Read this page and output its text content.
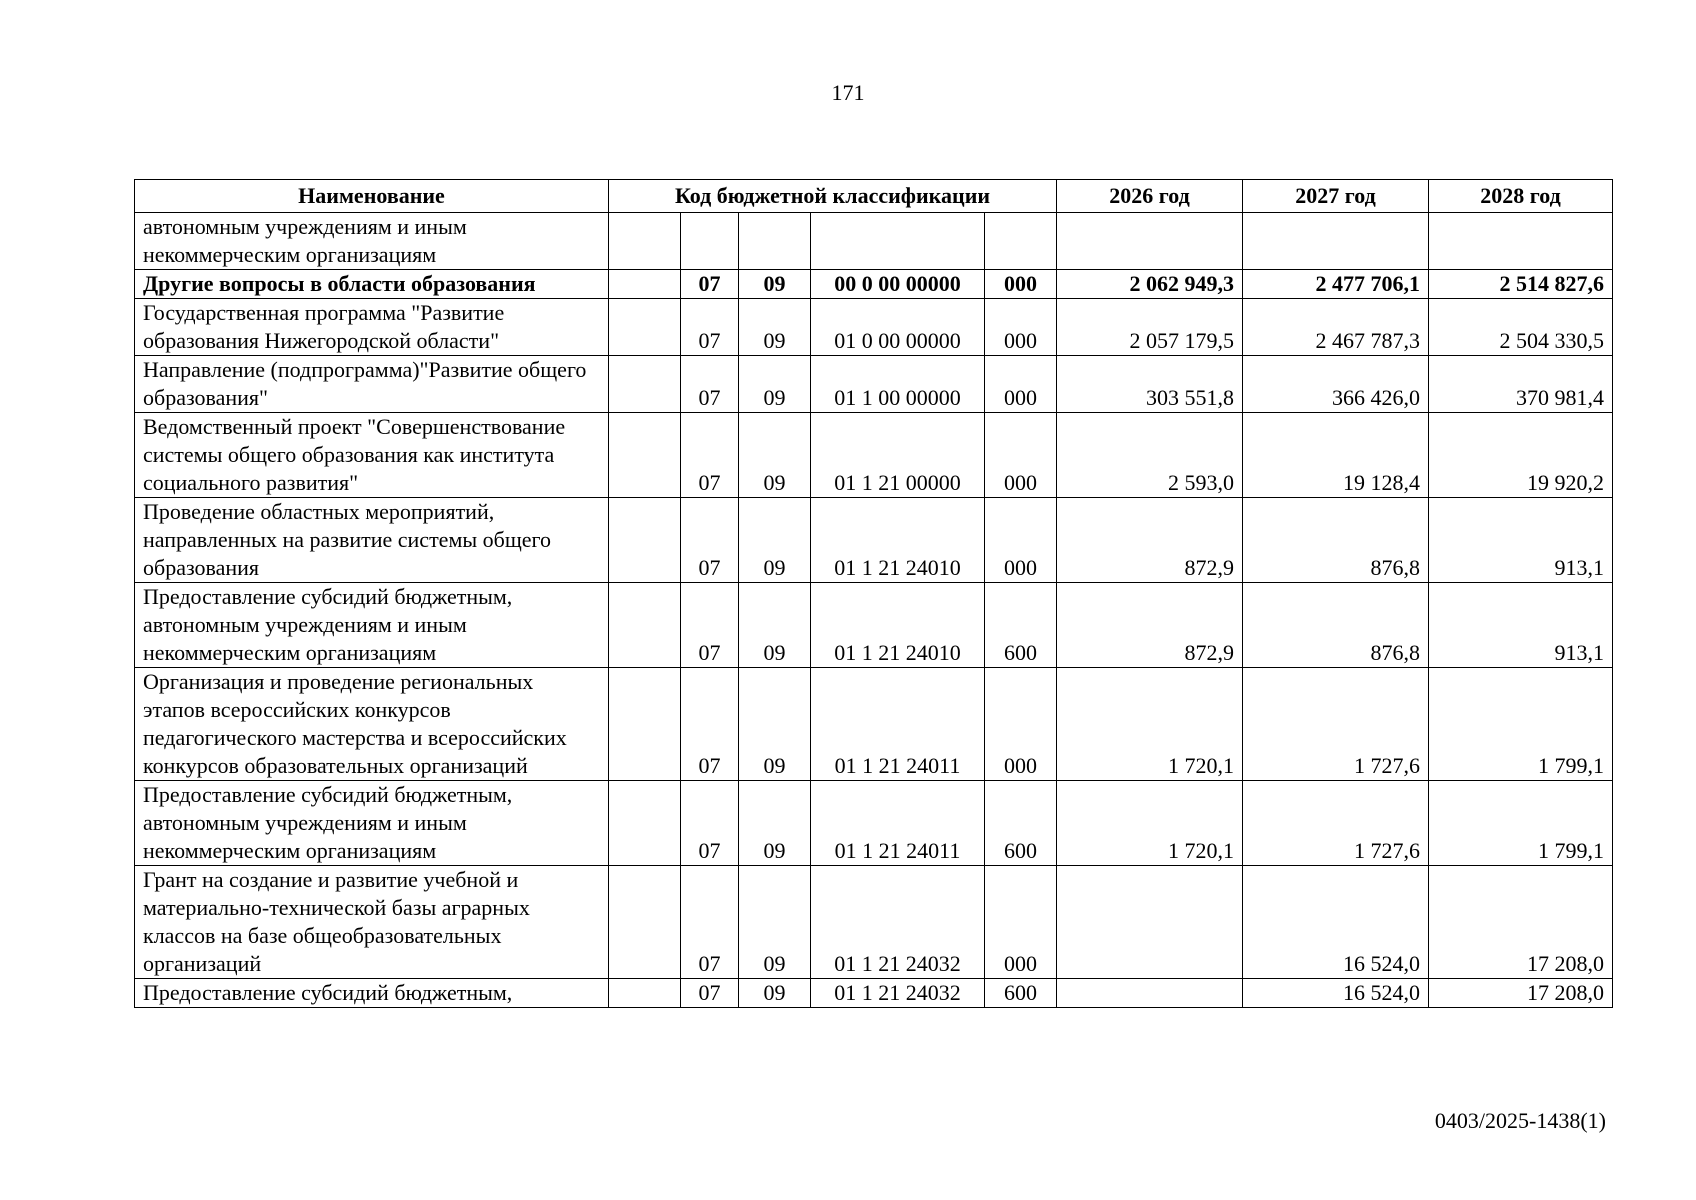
171
Наименование	Код бюджетной классификации					2026 год	2027 год	2028 год
автономным учреждениям и иным некоммерческим организациям								
Другие вопросы в области образования		07	09	00 0 00 00000	000	2 062 949,3	2 477 706,1	2 514 827,6
Государственная программа "Развитие образования Нижегородской области"		07	09	01 0 00 00000	000	2 057 179,5	2 467 787,3	2 504 330,5
Направление (подпрограмма)"Развитие общего образования"		07	09	01 1 00 00000	000	303 551,8	366 426,0	370 981,4
Ведомственный проект "Совершенствование системы общего образования как института социального развития"		07	09	01 1 21 00000	000	2 593,0	19 128,4	19 920,2
Проведение областных мероприятий, направленных на развитие системы общего образования		07	09	01 1 21 24010	000	872,9	876,8	913,1
Предоставление субсидий бюджетным, автономным учреждениям и иным некоммерческим организациям		07	09	01 1 21 24010	600	872,9	876,8	913,1
Организация и проведение региональных этапов всероссийских конкурсов педагогического мастерства и всероссийских конкурсов образовательных организаций		07	09	01 1 21 24011	000	1 720,1	1 727,6	1 799,1
Предоставление субсидий бюджетным, автономным учреждениям и иным некоммерческим организациям		07	09	01 1 21 24011	600	1 720,1	1 727,6	1 799,1
Грант на создание и развитие учебной и материально-технической базы аграрных классов на базе общеобразовательных организаций		07	09	01 1 21 24032	000		16 524,0	17 208,0
Предоставление субсидий бюджетным,		07	09	01 1 21 24032	600		16 524,0	17 208,0
0403/2025-1438(1)
